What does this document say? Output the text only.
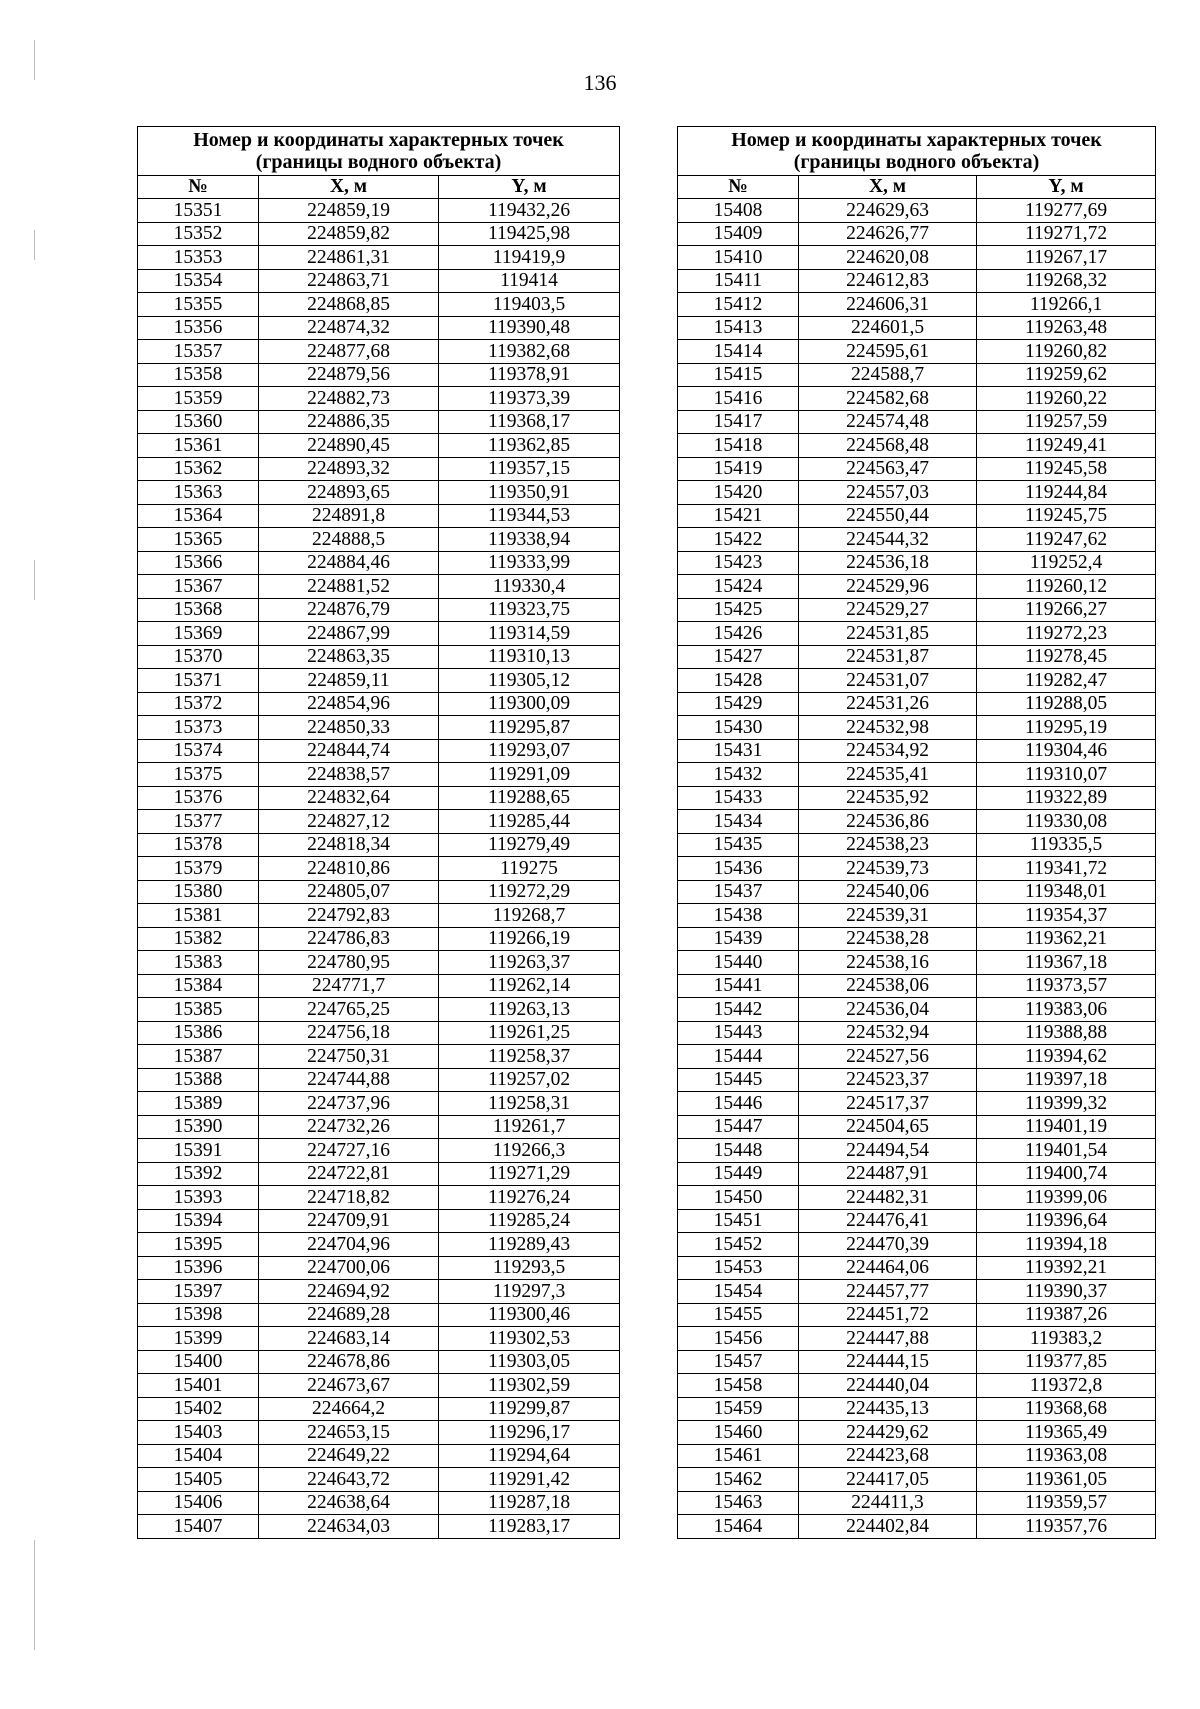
136
Номер и координаты характерных точек
(границы водного объекта)		
№	X, м	Y, м
15351	224859,19	119432,26
15352	224859,82	119425,98
15353	224861,31	119419,9
15354	224863,71	119414
15355	224868,85	119403,5
15356	224874,32	119390,48
15357	224877,68	119382,68
15358	224879,56	119378,91
15359	224882,73	119373,39
15360	224886,35	119368,17
15361	224890,45	119362,85
15362	224893,32	119357,15
15363	224893,65	119350,91
15364	224891,8	119344,53
15365	224888,5	119338,94
15366	224884,46	119333,99
15367	224881,52	119330,4
15368	224876,79	119323,75
15369	224867,99	119314,59
15370	224863,35	119310,13
15371	224859,11	119305,12
15372	224854,96	119300,09
15373	224850,33	119295,87
15374	224844,74	119293,07
15375	224838,57	119291,09
15376	224832,64	119288,65
15377	224827,12	119285,44
15378	224818,34	119279,49
15379	224810,86	119275
15380	224805,07	119272,29
15381	224792,83	119268,7
15382	224786,83	119266,19
15383	224780,95	119263,37
15384	224771,7	119262,14
15385	224765,25	119263,13
15386	224756,18	119261,25
15387	224750,31	119258,37
15388	224744,88	119257,02
15389	224737,96	119258,31
15390	224732,26	119261,7
15391	224727,16	119266,3
15392	224722,81	119271,29
15393	224718,82	119276,24
15394	224709,91	119285,24
15395	224704,96	119289,43
15396	224700,06	119293,5
15397	224694,92	119297,3
15398	224689,28	119300,46
15399	224683,14	119302,53
15400	224678,86	119303,05
15401	224673,67	119302,59
15402	224664,2	119299,87
15403	224653,15	119296,17
15404	224649,22	119294,64
15405	224643,72	119291,42
15406	224638,64	119287,18
15407	224634,03	119283,17
Номер и координаты характерных точек
(границы водного объекта)		
№	X, м	Y, м
15408	224629,63	119277,69
15409	224626,77	119271,72
15410	224620,08	119267,17
15411	224612,83	119268,32
15412	224606,31	119266,1
15413	224601,5	119263,48
15414	224595,61	119260,82
15415	224588,7	119259,62
15416	224582,68	119260,22
15417	224574,48	119257,59
15418	224568,48	119249,41
15419	224563,47	119245,58
15420	224557,03	119244,84
15421	224550,44	119245,75
15422	224544,32	119247,62
15423	224536,18	119252,4
15424	224529,96	119260,12
15425	224529,27	119266,27
15426	224531,85	119272,23
15427	224531,87	119278,45
15428	224531,07	119282,47
15429	224531,26	119288,05
15430	224532,98	119295,19
15431	224534,92	119304,46
15432	224535,41	119310,07
15433	224535,92	119322,89
15434	224536,86	119330,08
15435	224538,23	119335,5
15436	224539,73	119341,72
15437	224540,06	119348,01
15438	224539,31	119354,37
15439	224538,28	119362,21
15440	224538,16	119367,18
15441	224538,06	119373,57
15442	224536,04	119383,06
15443	224532,94	119388,88
15444	224527,56	119394,62
15445	224523,37	119397,18
15446	224517,37	119399,32
15447	224504,65	119401,19
15448	224494,54	119401,54
15449	224487,91	119400,74
15450	224482,31	119399,06
15451	224476,41	119396,64
15452	224470,39	119394,18
15453	224464,06	119392,21
15454	224457,77	119390,37
15455	224451,72	119387,26
15456	224447,88	119383,2
15457	224444,15	119377,85
15458	224440,04	119372,8
15459	224435,13	119368,68
15460	224429,62	119365,49
15461	224423,68	119363,08
15462	224417,05	119361,05
15463	224411,3	119359,57
15464	224402,84	119357,76
